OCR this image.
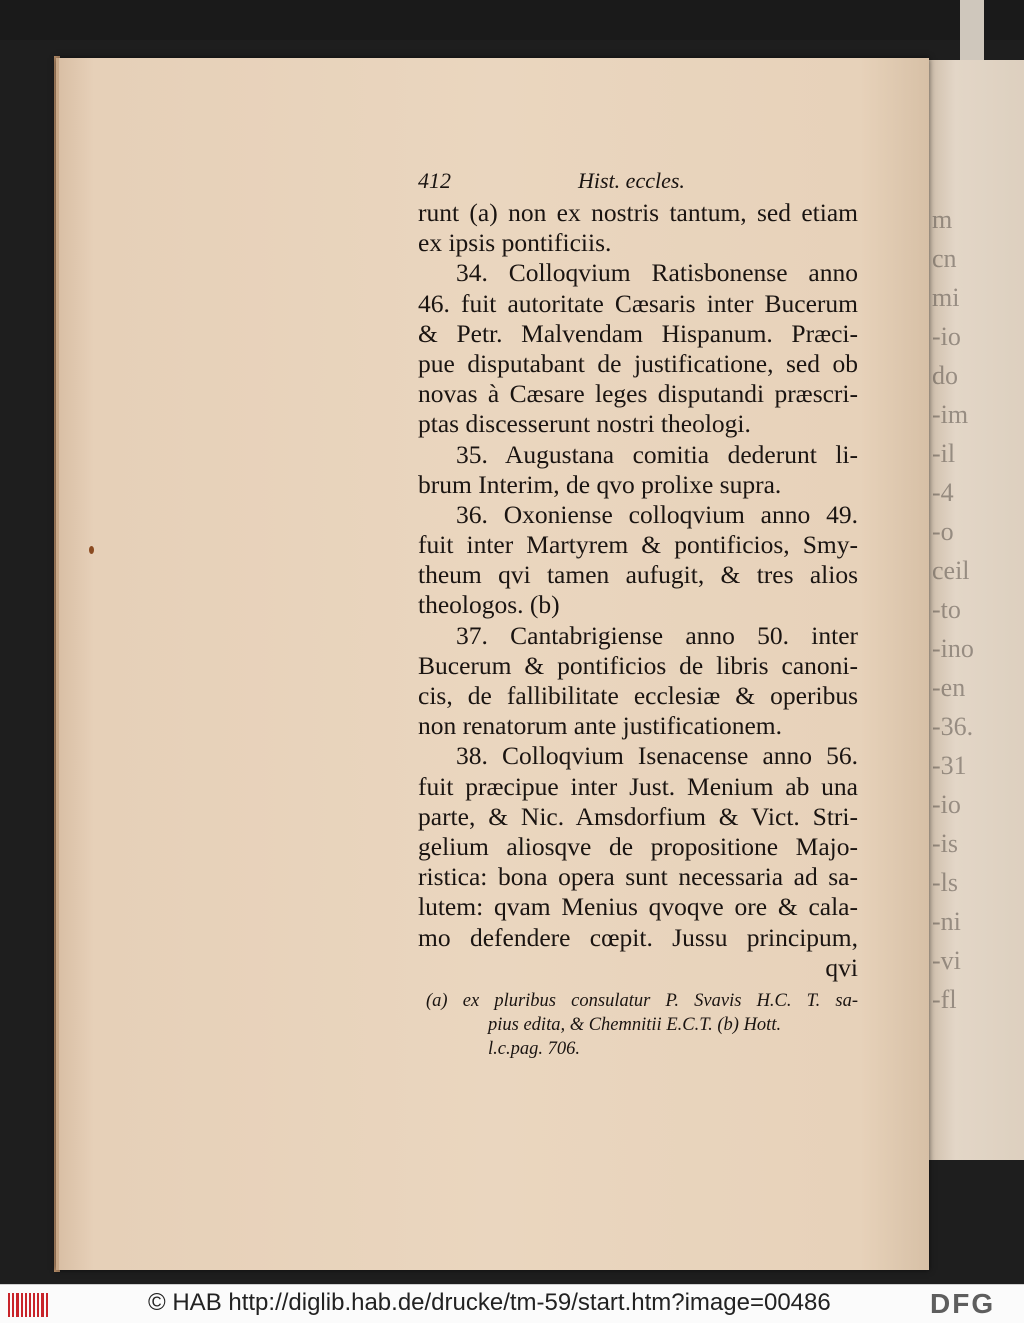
m
cn
mi
-io
do
-im
-il
-4
-o
ceil
-to
-ino
-en
-36.
-31
-io
-is
-ls
-ni
-vi
-fl
412	Hist. eccles.
runt (a) non ex nostris tantum, sed etiam
ex ipsis pontificiis.
34. Colloqvium Ratisbonense anno
46. fuit autoritate Cæsaris inter Bucerum
& Petr. Malvendam Hispanum. Præci-
pue disputabant de justificatione, sed ob
novas à Cæsare leges disputandi præscri-
ptas discesserunt nostri theologi.
35. Augustana comitia dederunt li-
brum Interim, de qvo prolixe supra.
36. Oxoniense colloqvium anno 49.
fuit inter Martyrem & pontificios, Smy-
theum qvi tamen aufugit, & tres alios
theologos. (b)
37. Cantabrigiense anno 50. inter
Bucerum & pontificios de libris canoni-
cis, de fallibilitate ecclesiæ & operibus
non renatorum ante justificationem.
38. Colloqvium Isenacense anno 56.
fuit præcipue inter Just. Menium ab una
parte, & Nic. Amsdorfium & Vict. Stri-
gelium aliosqve de propositione Majo-
ristica: bona opera sunt necessaria ad sa-
lutem: qvam Menius qvoqve ore & cala-
mo defendere cœpit. Jussu principum,
qvi
(a) ex pluribus consulatur P. Svavis H.C. T. sa-
pius edita, & Chemnitii E.C.T. (b) Hott.
l.c.pag. 706.
© HAB http://diglib.hab.de/drucke/tm-59/start.htm?image=00486	DFG
